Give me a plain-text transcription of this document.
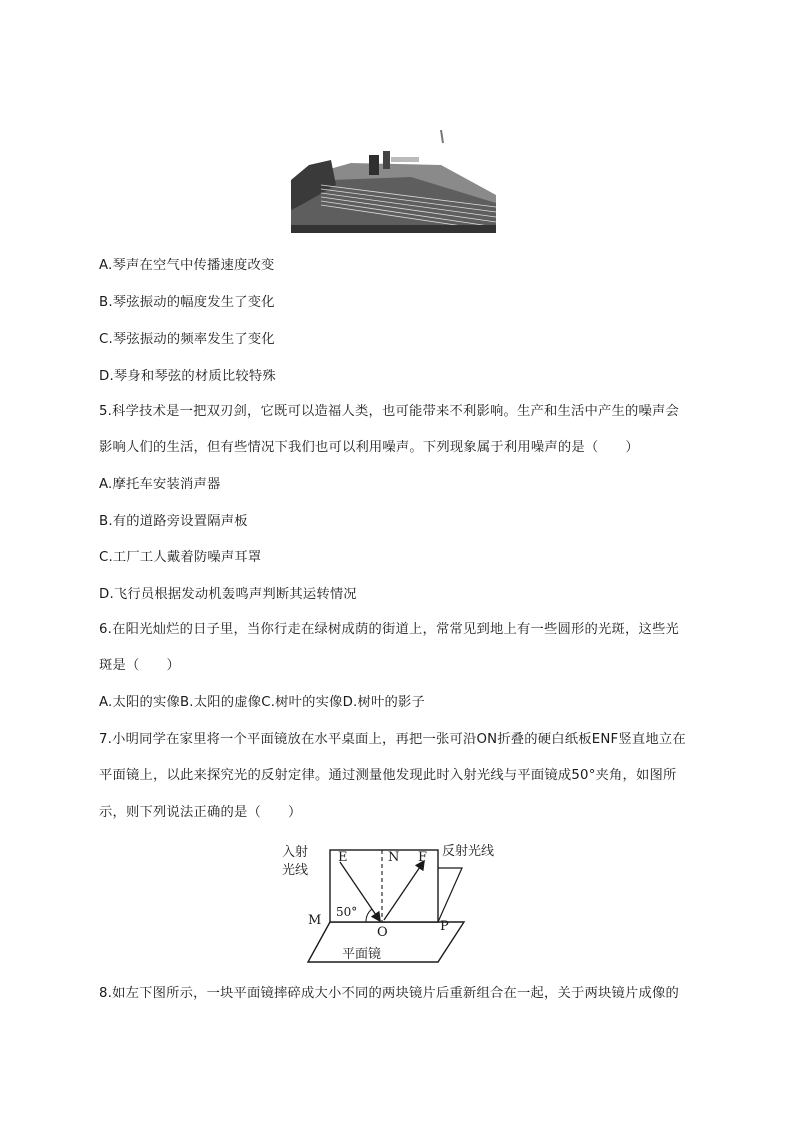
A.琴声在空气中传播速度改变
B.琴弦振动的幅度发生了变化
C.琴弦振动的频率发生了变化
D.琴身和琴弦的材质比较特殊
5.科学技术是一把双刃剑，它既可以造福人类，也可能带来不利影响。生产和生活中产生的噪声会
影响人们的生活，但有些情况下我们也可以利用噪声。下列现象属于利用噪声的是（　　）
A.摩托车安装消声器
B.有的道路旁设置隔声板
C.工厂工人戴着防噪声耳罩
D.飞行员根据发动机轰鸣声判断其运转情况
6.在阳光灿烂的日子里，当你行走在绿树成荫的街道上，常常见到地上有一些圆形的光斑，这些光
斑是（　　）
A.太阳的实像B.太阳的虚像C.树叶的实像D.树叶的影子
7.小明同学在家里将一个平面镜放在水平桌面上，再把一张可沿ON折叠的硬白纸板ENF竖直地立在
平面镜上，以此来探究光的反射定律。通过测量他发现此时入射光线与平面镜成50°夹角，如图所
示，则下列说法正确的是（　　）
入射
光线
反射光线
E	N F
M
O	P
50°
平面镜
8.如左下图所示，一块平面镜摔碎成大小不同的两块镜片后重新组合在一起，关于两块镜片成像的
